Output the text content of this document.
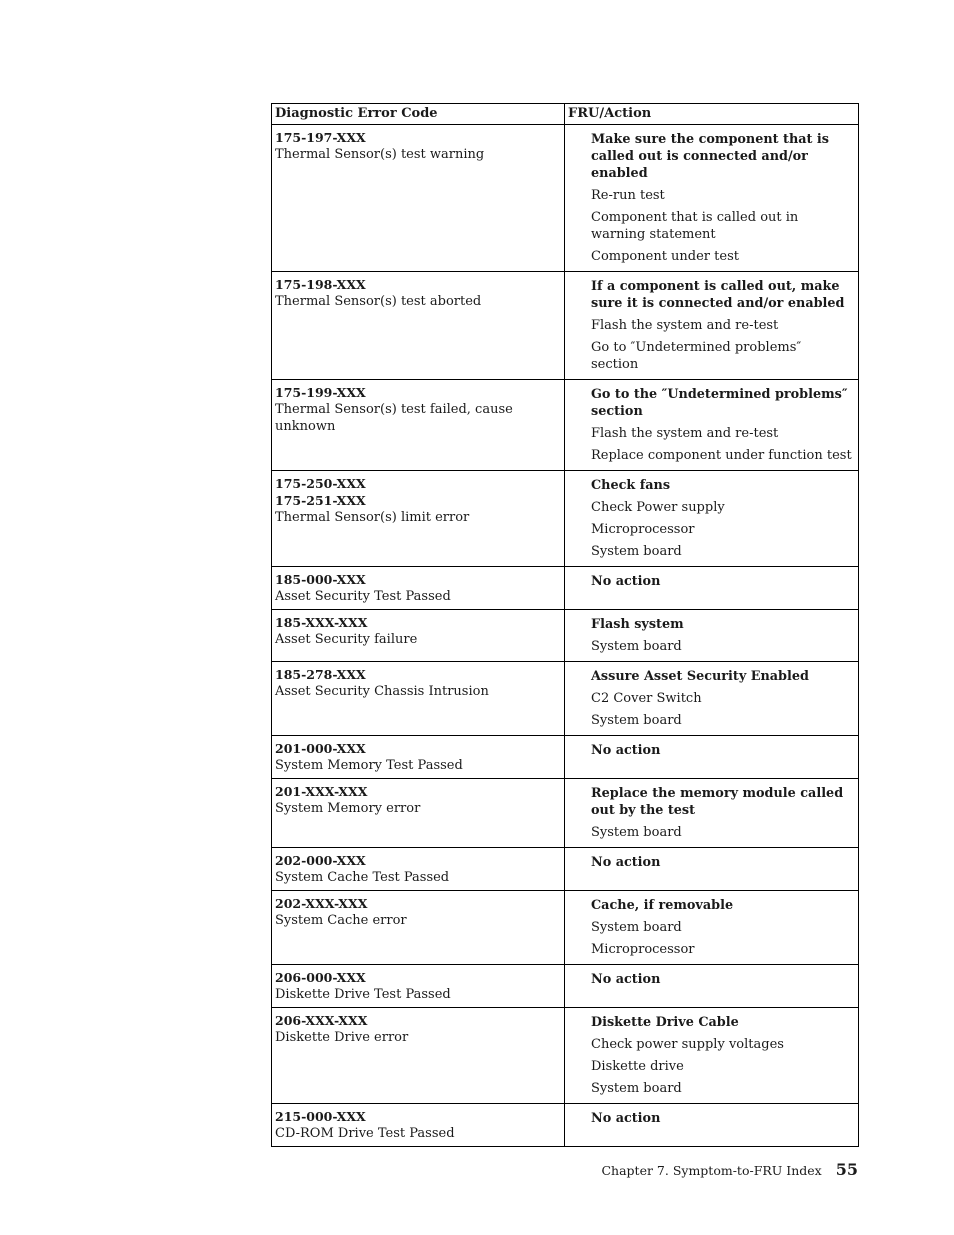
Diagnostic Error Code	FRU/Action

175-197-XXX
Thermal Sensor(s) test warning	Make sure the component that is called out is connected and/or enabled
Re-run test
Component that is called out in warning statement
Component under test

175-198-XXX
Thermal Sensor(s) test aborted	If a component is called out, make sure it is connected and/or enabled
Flash the system and re-test
Go to ″Undetermined problems″ section

175-199-XXX
Thermal Sensor(s) test failed, cause unknown	Go to the ″Undetermined problems″ section
Flash the system and re-test
Replace component under function test

175-250-XXX
175-251-XXX
Thermal Sensor(s) limit error	Check fans
Check Power supply
Microprocessor
System board

185-000-XXX
Asset Security Test Passed	No action

185-XXX-XXX
Asset Security failure	Flash system
System board

185-278-XXX
Asset Security Chassis Intrusion	Assure Asset Security Enabled
C2 Cover Switch
System board

201-000-XXX
System Memory Test Passed	No action

201-XXX-XXX
System Memory error	Replace the memory module called out by the test
System board

202-000-XXX
System Cache Test Passed	No action

202-XXX-XXX
System Cache error	Cache, if removable
System board
Microprocessor

206-000-XXX
Diskette Drive Test Passed	No action

206-XXX-XXX
Diskette Drive error	Diskette Drive Cable
Check power supply voltages
Diskette drive
System board

215-000-XXX
CD-ROM Drive Test Passed	No action
Chapter 7. Symptom-to-FRU Index 55
